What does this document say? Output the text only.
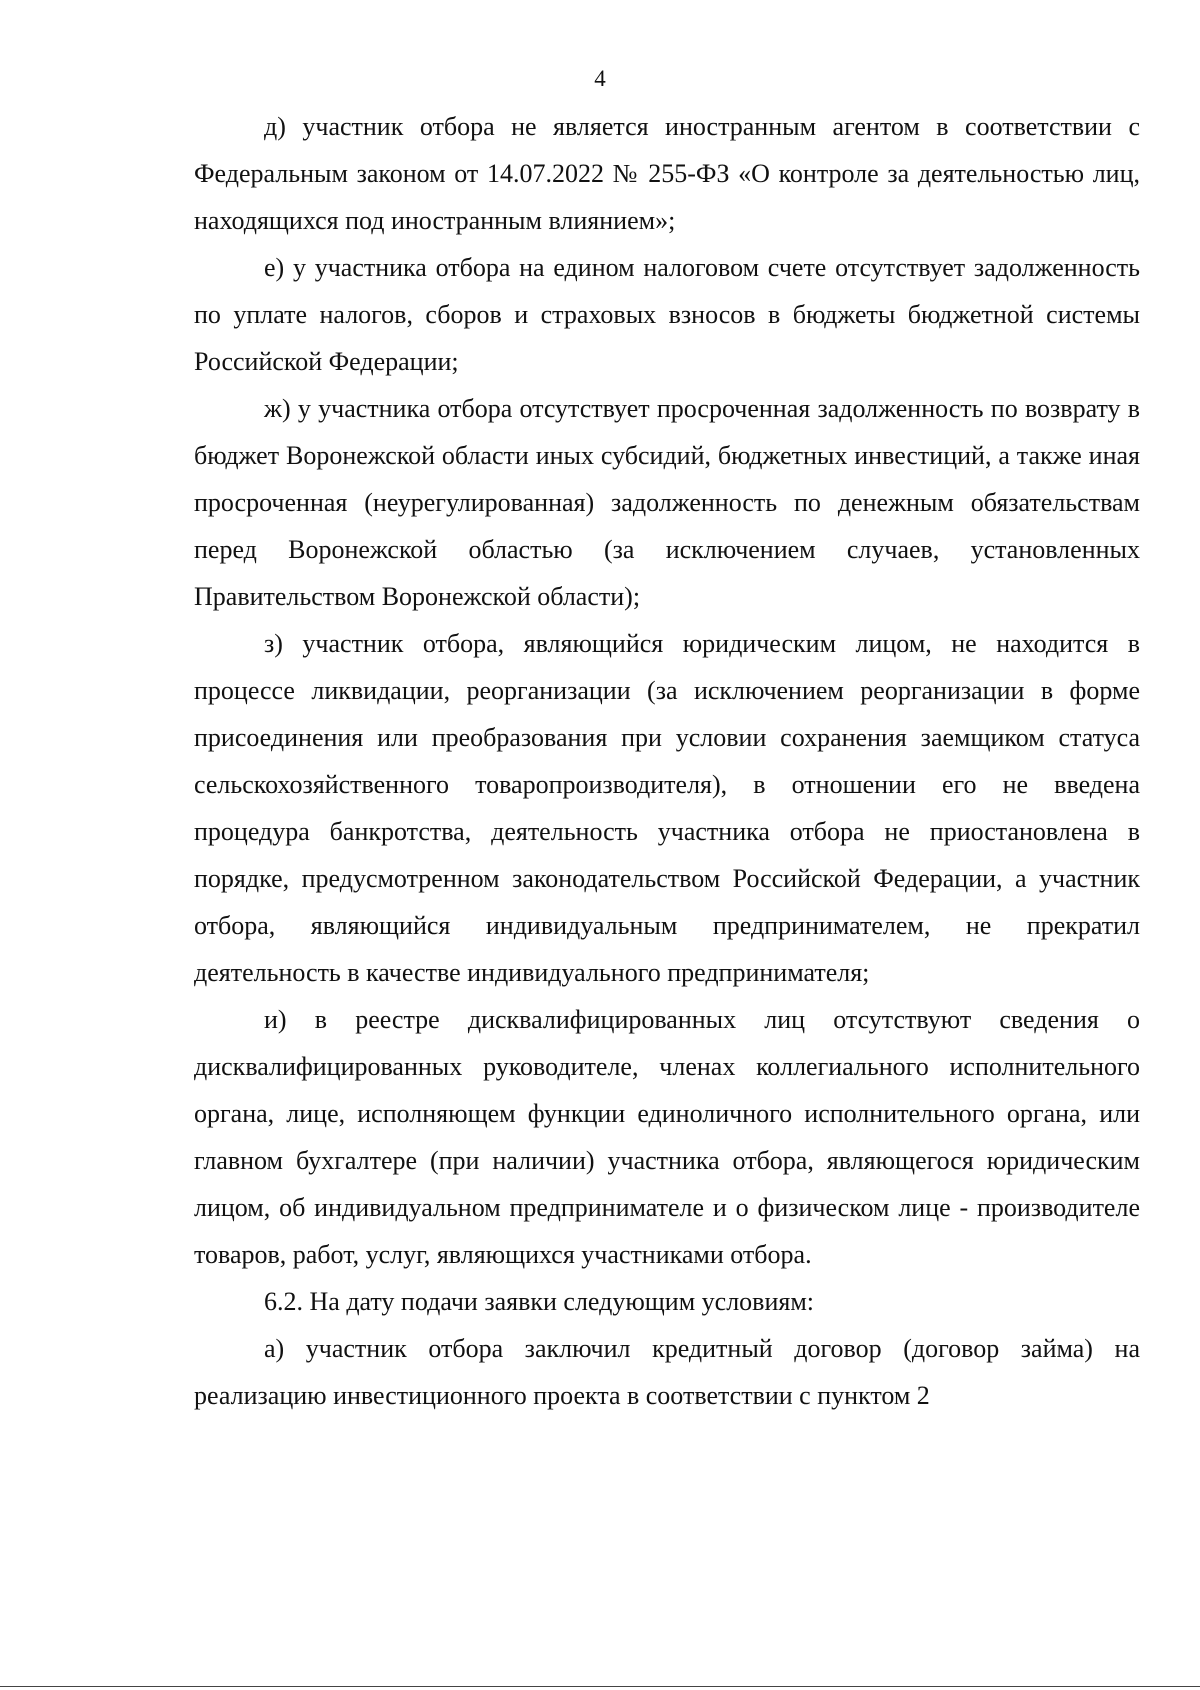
4

д) участник отбора не является иностранным агентом в соответствии с Федеральным законом от 14.07.2022 № 255-ФЗ «О контроле за деятельностью лиц, находящихся под иностранным влиянием»;

е) у участника отбора на едином налоговом счете отсутствует задолженность по уплате налогов, сборов и страховых взносов в бюджеты бюджетной системы Российской Федерации;

ж) у участника отбора отсутствует просроченная задолженность по возврату в бюджет Воронежской области иных субсидий, бюджетных инвестиций, а также иная просроченная (неурегулированная) задолженность по денежным обязательствам перед Воронежской областью (за исключением случаев, установленных Правительством Воронежской области);

з) участник отбора, являющийся юридическим лицом, не находится в процессе ликвидации, реорганизации (за исключением реорганизации в форме присоединения или преобразования при условии сохранения заемщиком статуса сельскохозяйственного товаропроизводителя), в отношении его не введена процедура банкротства, деятельность участника отбора не приостановлена в порядке, предусмотренном законодательством Российской Федерации, а участник отбора, являющийся индивидуальным предпринимателем, не прекратил деятельность в качестве индивидуального предпринимателя;

и) в реестре дисквалифицированных лиц отсутствуют сведения о дисквалифицированных руководителе, членах коллегиального исполнительного органа, лице, исполняющем функции единоличного исполнительного органа, или главном бухгалтере (при наличии) участника отбора, являющегося юридическим лицом, об индивидуальном предпринимателе и о физическом лице - производителе товаров, работ, услуг, являющихся участниками отбора.

6.2. На дату подачи заявки следующим условиям:

а) участник отбора заключил кредитный договор (договор займа) на реализацию инвестиционного проекта в соответствии с пунктом 2
